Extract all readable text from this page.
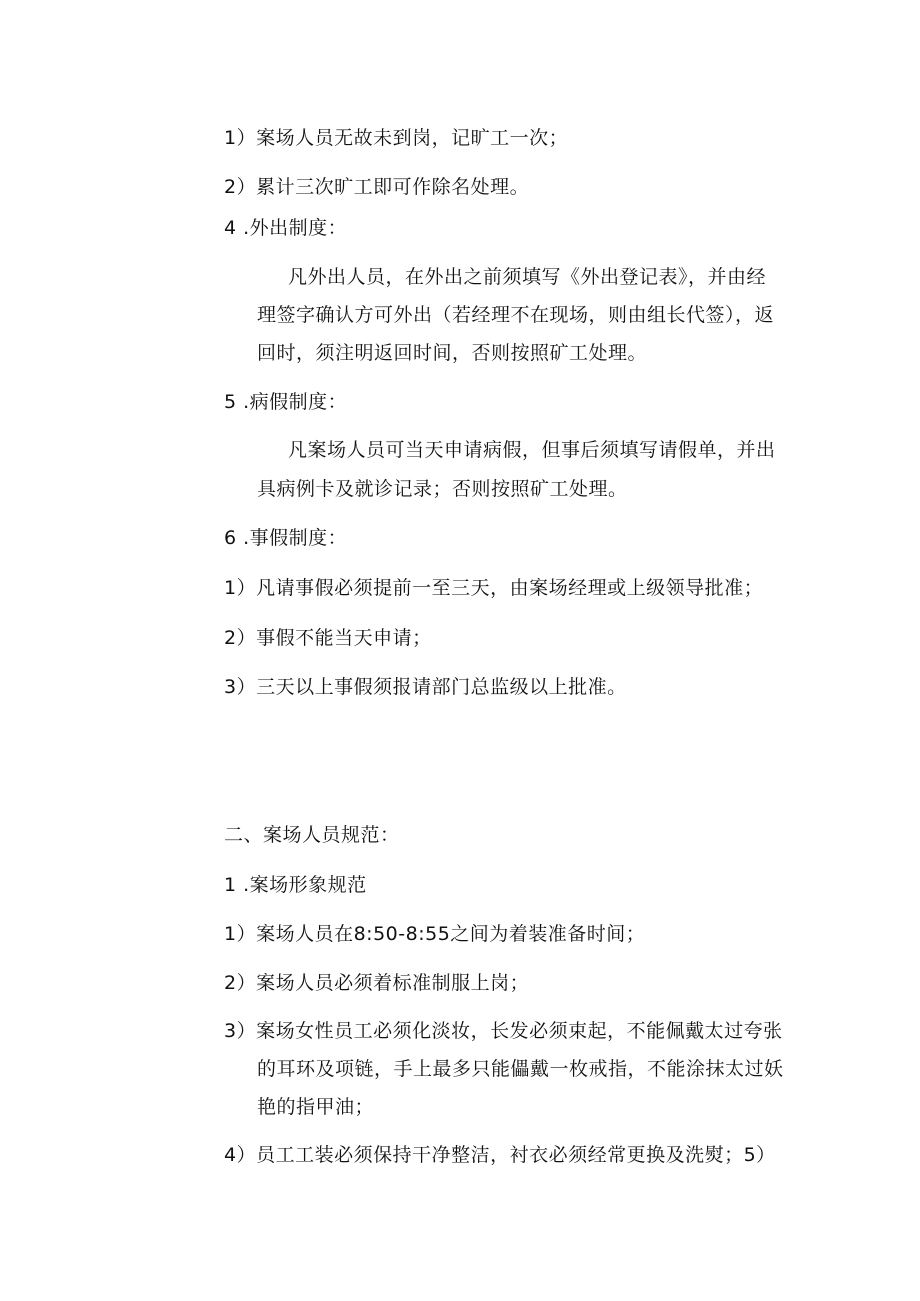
1）案场人员无故未到岗，记旷工一次；
2）累计三次旷工即可作除名处理。
4 .外出制度：
凡外出人员，在外出之前须填写《外出登记表》，并由经
理签字确认方可外出（若经理不在现场，则由组长代签），返
回时，须注明返回时间，否则按照矿工处理。
5 .病假制度：
凡案场人员可当天申请病假，但事后须填写请假单，并出
具病例卡及就诊记录；否则按照矿工处理。
6 .事假制度：
1）凡请事假必须提前一至三天，由案场经理或上级领导批准；
2）事假不能当天申请；
3）三天以上事假须报请部门总监级以上批准。
二、案场人员规范：
1 .案场形象规范
1）案场人员在8:50-8:55之间为着装准备时间；
2）案场人员必须着标准制服上岗；
3）案场女性员工必须化淡妆，长发必须束起，不能佩戴太过夸张
的耳环及项链，手上最多只能儡戴一枚戒指，不能涂抹太过妖
艳的指甲油；
4）员工工装必须保持干净整洁，衬衣必须经常更换及洗熨；5）
